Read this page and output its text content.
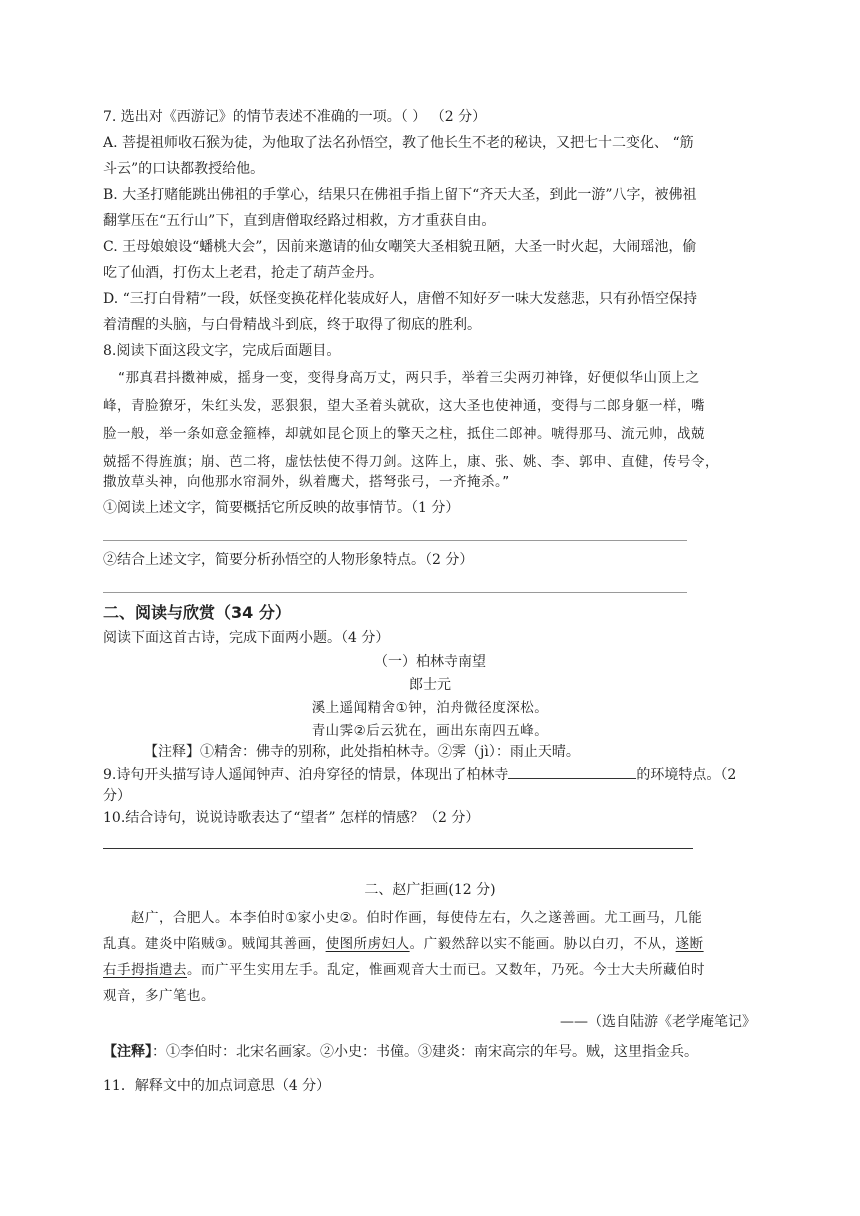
7. 选出对《西游记》的情节表述不准确的一项。（ ） （2 分）
A. 菩提祖师收石猴为徒，为他取了法名孙悟空，教了他长生不老的秘诀，又把七十二变化、 “筋
斗云”的口诀都教授给他。
B. 大圣打赌能跳出佛祖的手掌心，结果只在佛祖手指上留下“齐天大圣，到此一游”八字，被佛祖
翻掌压在“五行山”下，直到唐僧取经路过相救，方才重获自由。
C. 王母娘娘设“蟠桃大会”，因前来邀请的仙女嘲笑大圣相貌丑陋，大圣一时火起，大闹瑶池，偷
吃了仙酒，打伤太上老君，抢走了葫芦金丹。
D. “三打白骨精”一段，妖怪变换花样化装成好人，唐僧不知好歹一味大发慈悲，只有孙悟空保持
着清醒的头脑，与白骨精战斗到底，终于取得了彻底的胜利。
8.阅读下面这段文字，完成后面题目。
“那真君抖擞神威，摇身一变，变得身高万丈，两只手，举着三尖两刃神锋，好便似华山顶上之
峰，青脸獠牙，朱红头发，恶狠狠，望大圣着头就砍，这大圣也使神通，变得与二郎身躯一样，嘴
脸一般，举一条如意金箍棒，却就如昆仑顶上的擎天之柱，抵住二郎神。唬得那马、流元帅，战兢
兢摇不得旌旗；崩、芭二将，虚怯怯使不得刀剑。这阵上，康、张、姚、李、郭申、直健，传号令，
撒放草头神，向他那水帘洞外，纵着鹰犬，搭弩张弓，一齐掩杀。”
①阅读上述文字，简要概括它所反映的故事情节。（1 分）
②结合上述文字，简要分析孙悟空的人物形象特点。（2 分）
二、阅读与欣赏（34 分）
阅读下面这首古诗，完成下面两小题。（4 分）
（一）柏林寺南望
郎士元
溪上遥闻精舍①钟，泊舟微径度深松。
青山霁②后云犹在，画出东南四五峰。
【注释】①精舍：佛寺的别称，此处指柏林寺。②霁（jì）：雨止天晴。
9.诗句开头描写诗人遥闻钟声、泊舟穿径的情景，体现出了柏林寺	的环境特点。（2
分）
10.结合诗句，说说诗歌表达了“望者” 怎样的情感？（2 分）
二、赵广拒画(12 分)
赵广，合肥人。本李伯时①家小史②。伯时作画，每使侍左右，久之遂善画。尤工画马，几能
乱真。建炎中陷贼③。贼闻其善画，使图所虏妇人。广毅然辞以实不能画。胁以白刃，不从，遂断
右手拇指遣去。而广平生实用左手。乱定，惟画观音大士而已。又数年，乃死。今士大夫所藏伯时
观音，多广笔也。
——（选自陆游《老学庵笔记》
【注释】：①李伯时：北宋名画家。②小史：书僮。③建炎：南宋高宗的年号。贼，这里指金兵。
11．解释文中的加点词意思（4 分）
